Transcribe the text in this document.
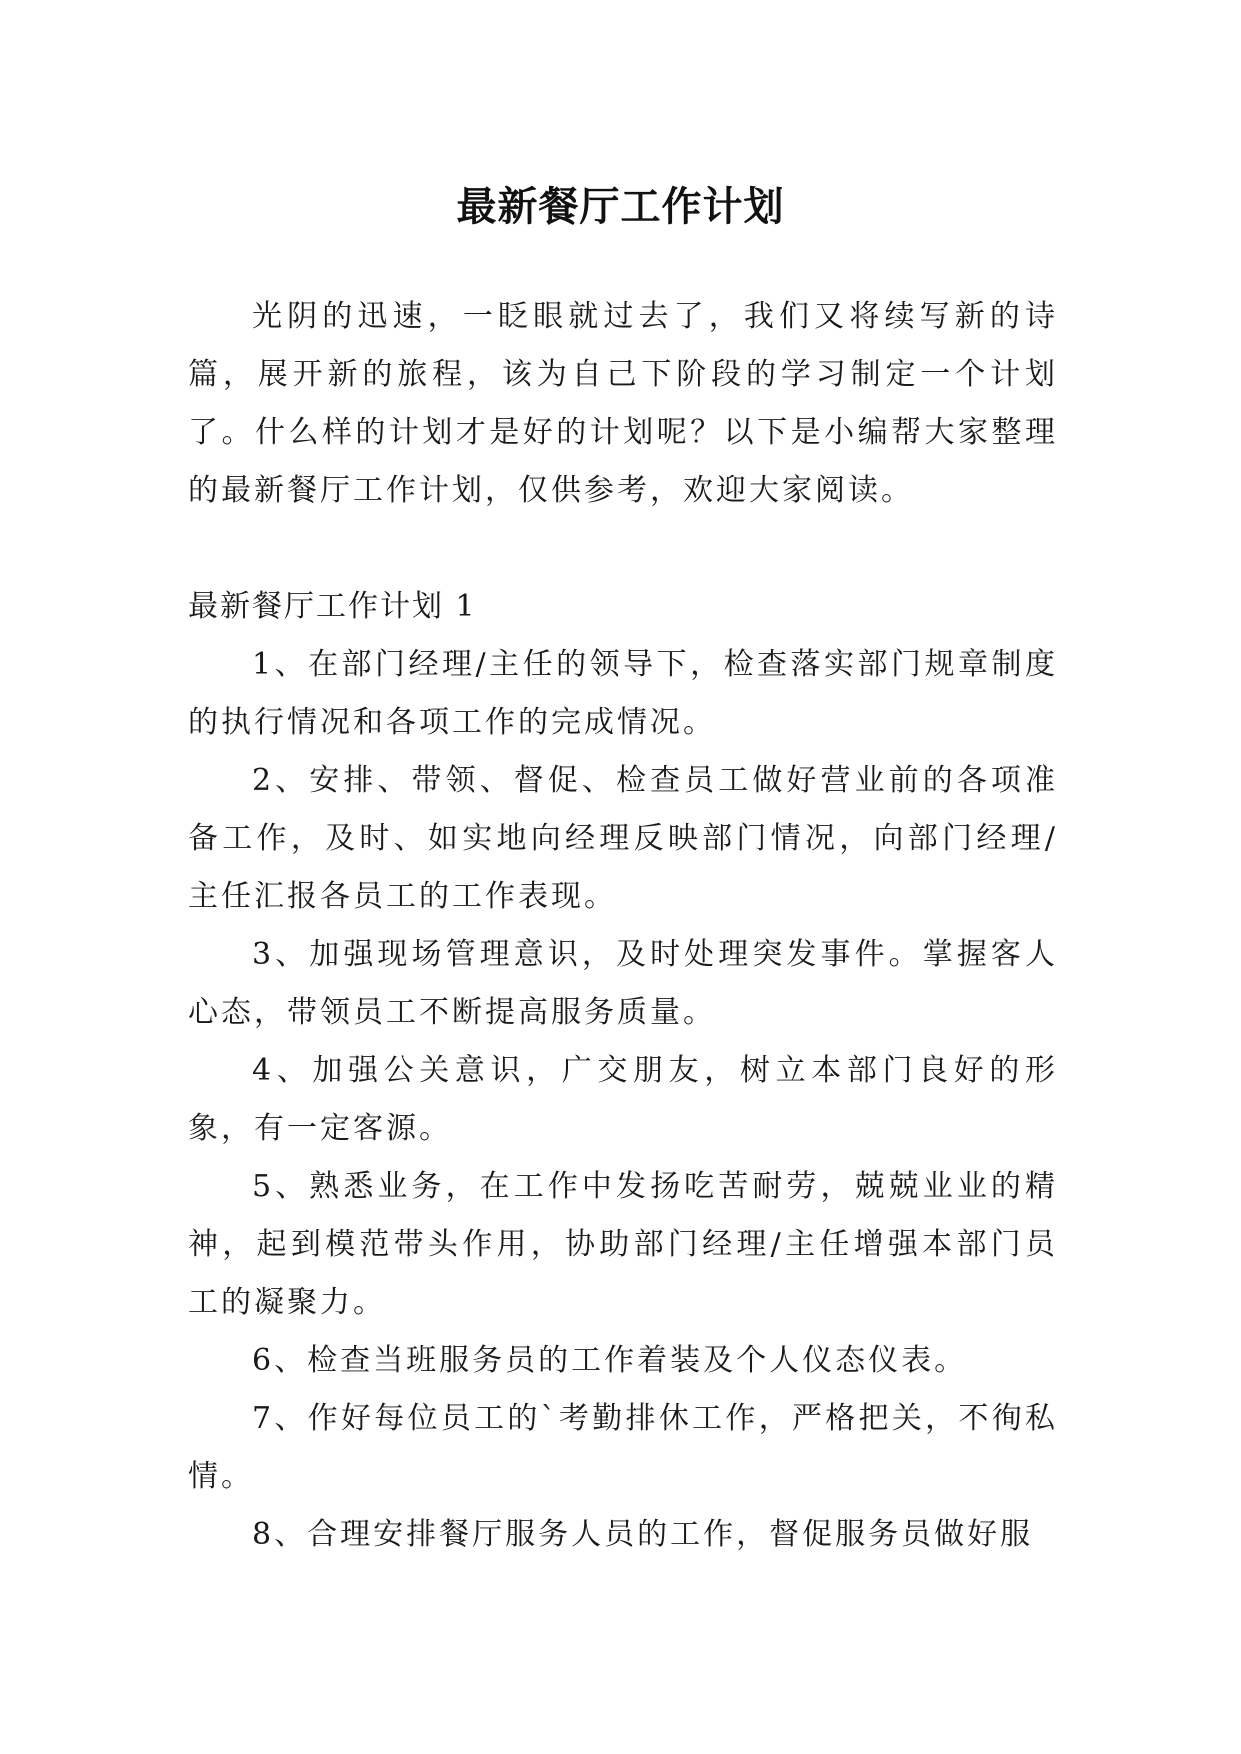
最新餐厅工作计划

光阴的迅速，一眨眼就过去了，我们又将续写新的诗篇，展开新的旅程，该为自己下阶段的学习制定一个计划了。什么样的计划才是好的计划呢？以下是小编帮大家整理的最新餐厅工作计划，仅供参考，欢迎大家阅读。

最新餐厅工作计划 1

1、在部门经理/主任的领导下，检查落实部门规章制度的执行情况和各项工作的完成情况。

2、安排、带领、督促、检查员工做好营业前的各项准备工作，及时、如实地向经理反映部门情况，向部门经理/主任汇报各员工的工作表现。

3、加强现场管理意识，及时处理突发事件。掌握客人心态，带领员工不断提高服务质量。

4、加强公关意识，广交朋友，树立本部门良好的形象，有一定客源。

5、熟悉业务，在工作中发扬吃苦耐劳，兢兢业业的精神，起到模范带头作用，协助部门经理/主任增强本部门员工的凝聚力。

6、检查当班服务员的工作着装及个人仪态仪表。

7、作好每位员工的`考勤排休工作，严格把关，不徇私情。

8、合理安排餐厅服务人员的工作，督促服务员做好服
